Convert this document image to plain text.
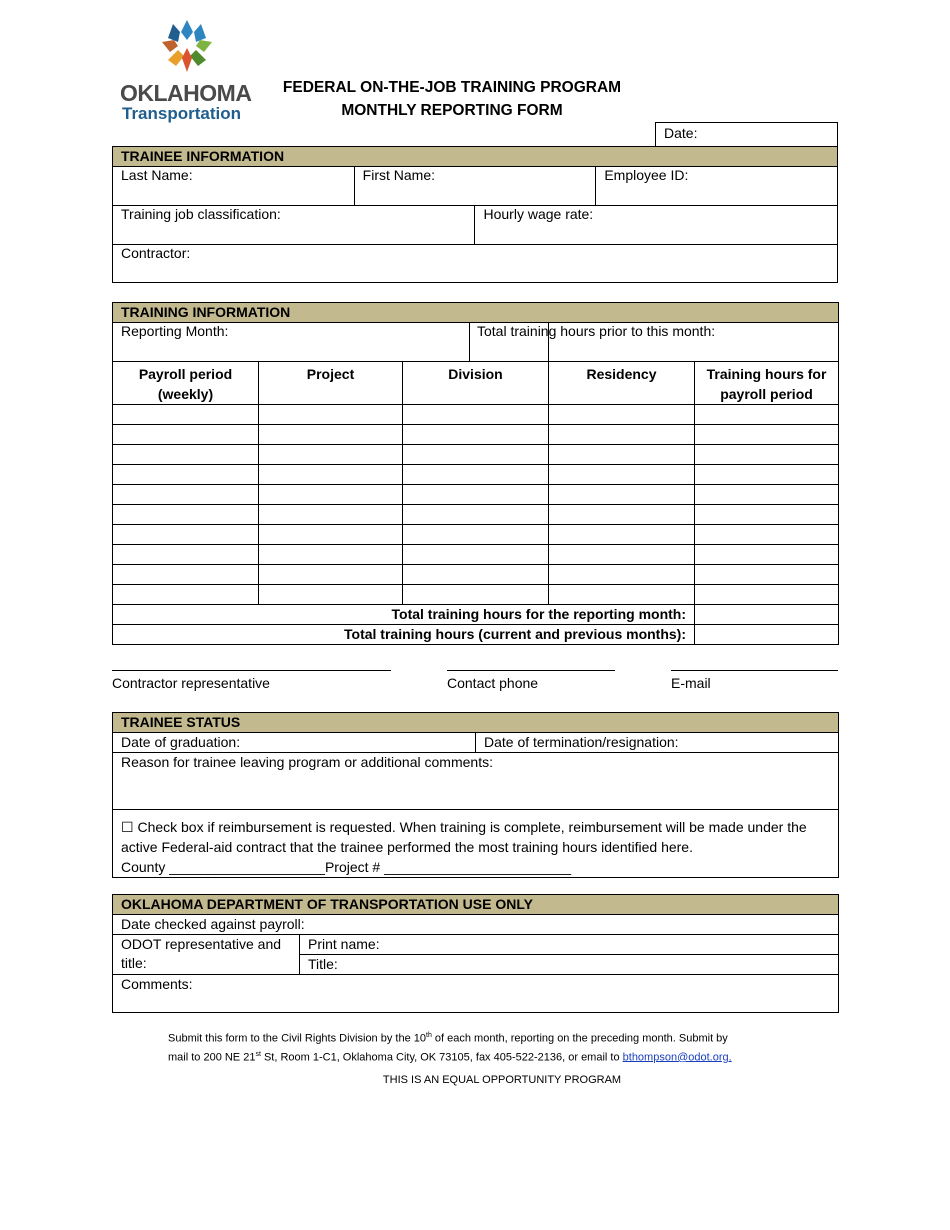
OKLAHOMA
Transportation
FEDERAL ON-THE-JOB TRAINING PROGRAM
MONTHLY REPORTING FORM
Date:
TRAINEE INFORMATION			
Last Name:	First Name:		Employee ID:
Training job classification:		Hourly wage rate:	
Contractor:			
TRAINING INFORMATION				
Reporting Month:			Total training hours prior to this month:	

Payroll period (weekly)	Project	Division	Residency	Training hours for payroll period

Total training hours for the reporting month:				
Total training hours (current and previous months):				
Contractor representative	Contact phone	E-mail
TRAINEE STATUS
Date of graduation:	Date of termination/resignation:
Reason for trainee leaving program or additional comments:
☐ Check box if reimbursement is requested. When training is complete, reimbursement will be made under the
active Federal-aid contract that the trainee performed the most training hours identified here.
County ____________________Project # ________________________
OKLAHOMA DEPARTMENT OF TRANSPORTATION USE ONLY
Date checked against payroll:
ODOT representative and
title:	Print name:
Title:
Comments:
Submit this form to the Civil Rights Division by the 10th of each month, reporting on the preceding month. Submit by
mail to 200 NE 21st St, Room 1-C1, Oklahoma City, OK 73105, fax 405-522-2136, or email to bthompson@odot.org.
THIS IS AN EQUAL OPPORTUNITY PROGRAM
